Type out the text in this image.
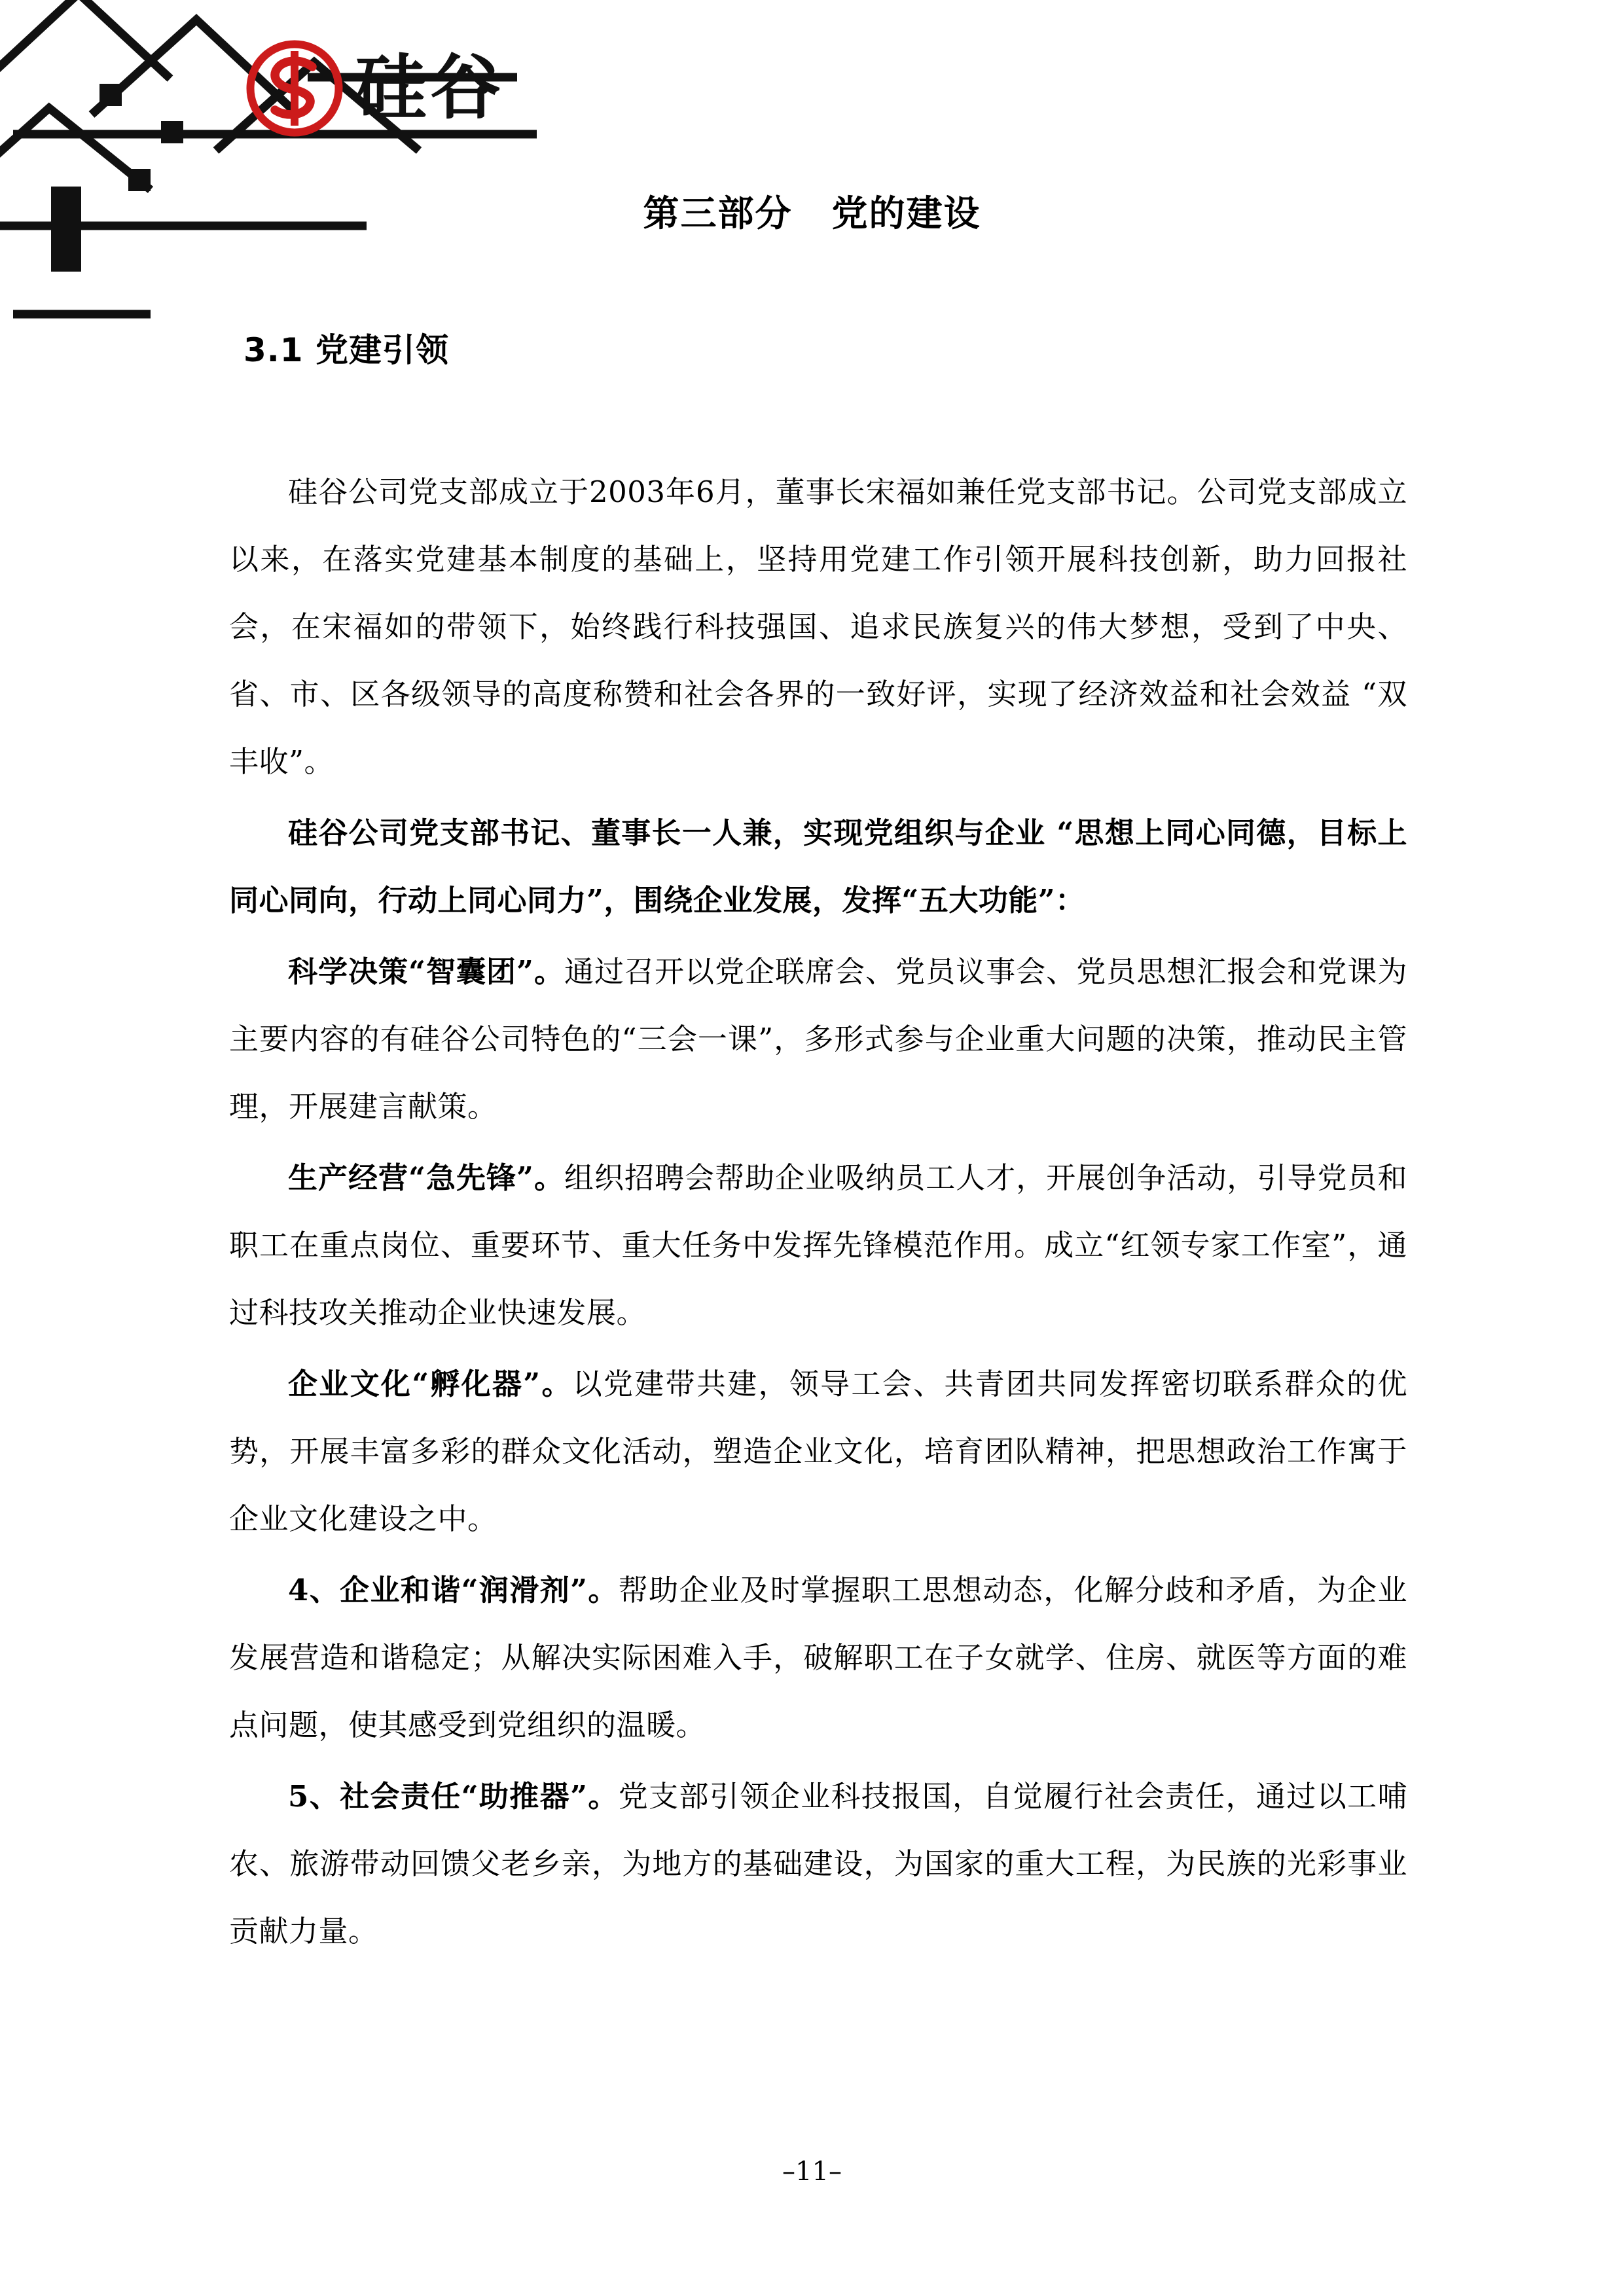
硅谷
第三部分 党的建设
3.1 党建引领

硅谷公司党支部成立于2003年6月，董事长宋福如兼任党支部书记。公司党支部成立以来，在落实党建基本制度的基础上，坚持用党建工作引领开展科技创新，助力回报社会，在宋福如的带领下，始终践行科技强国、追求民族复兴的伟大梦想，受到了中央、省、市、区各级领导的高度称赞和社会各界的一致好评，实现了经济效益和社会效益 “双丰收”。

硅谷公司党支部书记、董事长一人兼，实现党组织与企业 “思想上同心同德，目标上同心同向，行动上同心同力”，围绕企业发展，发挥“五大功能”：

科学决策“智囊团”。通过召开以党企联席会、党员议事会、党员思想汇报会和党课为主要内容的有硅谷公司特色的“三会一课”，多形式参与企业重大问题的决策，推动民主管理，开展建言献策。

生产经营“急先锋”。组织招聘会帮助企业吸纳员工人才，开展创争活动，引导党员和职工在重点岗位、重要环节、重大任务中发挥先锋模范作用。成立“红领专家工作室”，通过科技攻关推动企业快速发展。

企业文化“孵化器”。以党建带共建，领导工会、共青团共同发挥密切联系群众的优势，开展丰富多彩的群众文化活动，塑造企业文化，培育团队精神，把思想政治工作寓于企业文化建设之中。

4、企业和谐“润滑剂”。帮助企业及时掌握职工思想动态，化解分歧和矛盾，为企业发展营造和谐稳定；从解决实际困难入手，破解职工在子女就学、住房、就医等方面的难点问题，使其感受到党组织的温暖。

5、社会责任“助推器”。党支部引领企业科技报国，自觉履行社会责任，通过以工哺农、旅游带动回馈父老乡亲，为地方的基础建设，为国家的重大工程，为民族的光彩事业贡献力量。

–11–
